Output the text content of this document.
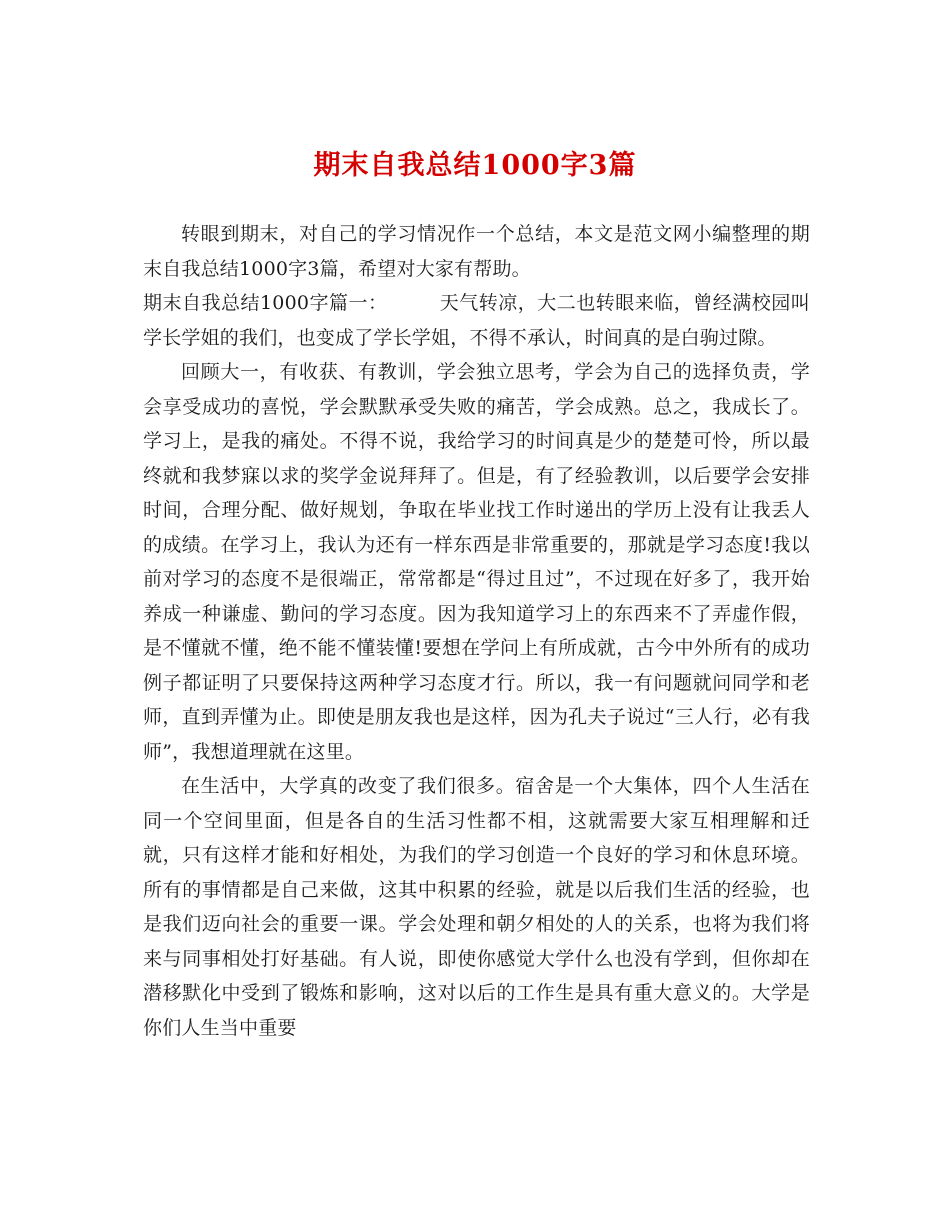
期末自我总结1000字3篇

转眼到期末，对自己的学习情况作一个总结，本文是范文网小编整理的期末自我总结1000字3篇，希望对大家有帮助。

期末自我总结1000字篇一：	天气转凉，大二也转眼来临，曾经满校园叫学长学姐的我们，也变成了学长学姐，不得不承认，时间真的是白驹过隙。

回顾大一，有收获、有教训，学会独立思考，学会为自己的选择负责，学会享受成功的喜悦，学会默默承受失败的痛苦，学会成熟。总之，我成长了。 学习上，是我的痛处。不得不说，我给学习的时间真是少的楚楚可怜，所以最终就和我梦寐以求的奖学金说拜拜了。但是，有了经验教训，以后要学会安排时间，合理分配、做好规划，争取在毕业找工作时递出的学历上没有让我丢人的成绩。在学习上，我认为还有一样东西是非常重要的，那就是学习态度!我以前对学习的态度不是很端正，常常都是“得过且过”，不过现在好多了，我开始养成一种谦虚、勤问的学习态度。因为我知道学习上的东西来不了弄虚作假，是不懂就不懂，绝不能不懂装懂!要想在学问上有所成就，古今中外所有的成功例子都证明了只要保持这两种学习态度才行。所以，我一有问题就问同学和老师，直到弄懂为止。即使是朋友我也是这样，因为孔夫子说过“三人行，必有我师”，我想道理就在这里。

在生活中，大学真的改变了我们很多。宿舍是一个大集体，四个人生活在同一个空间里面，但是各自的生活习性都不相，这就需要大家互相理解和迁就，只有这样才能和好相处，为我们的学习创造一个良好的学习和休息环境。所有的事情都是自己来做，这其中积累的经验，就是以后我们生活的经验，也是我们迈向社会的重要一课。学会处理和朝夕相处的人的关系，也将为我们将来与同事相处打好基础。有人说，即使你感觉大学什么也没有学到，但你却在潜移默化中受到了锻炼和影响，这对以后的工作生是具有重大意义的。大学是你们人生当中重要
